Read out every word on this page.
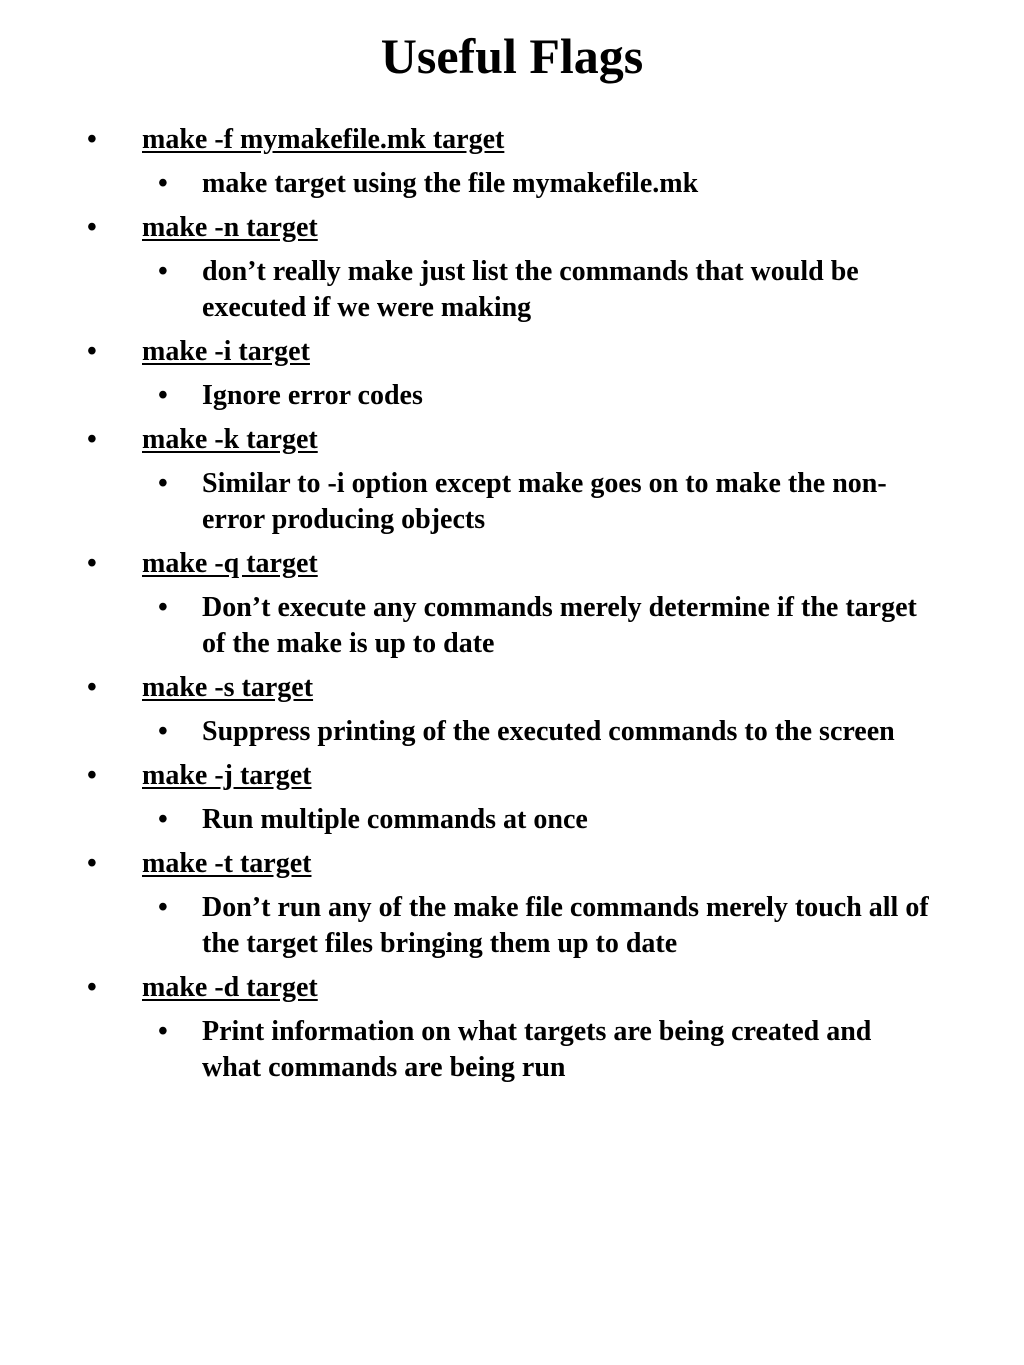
Useful Flags
• make -f mymakefile.mk target
• make target using the file mymakefile.mk
• make -n target
• don’t really make just list the commands that would be executed if we were making
• make -i target
• Ignore error codes
• make -k target
• Similar to -i option except make goes on to make the non-error producing objects
• make -q target
• Don’t execute any commands merely determine if the target of the make is up to date
• make -s target
• Suppress printing of the executed commands to the screen
• make -j target
• Run multiple commands at once
• make -t target
• Don’t run any of the make file commands merely touch all of the target files bringing them up to date
• make -d target
• Print information on what targets are being created and what commands are being run
